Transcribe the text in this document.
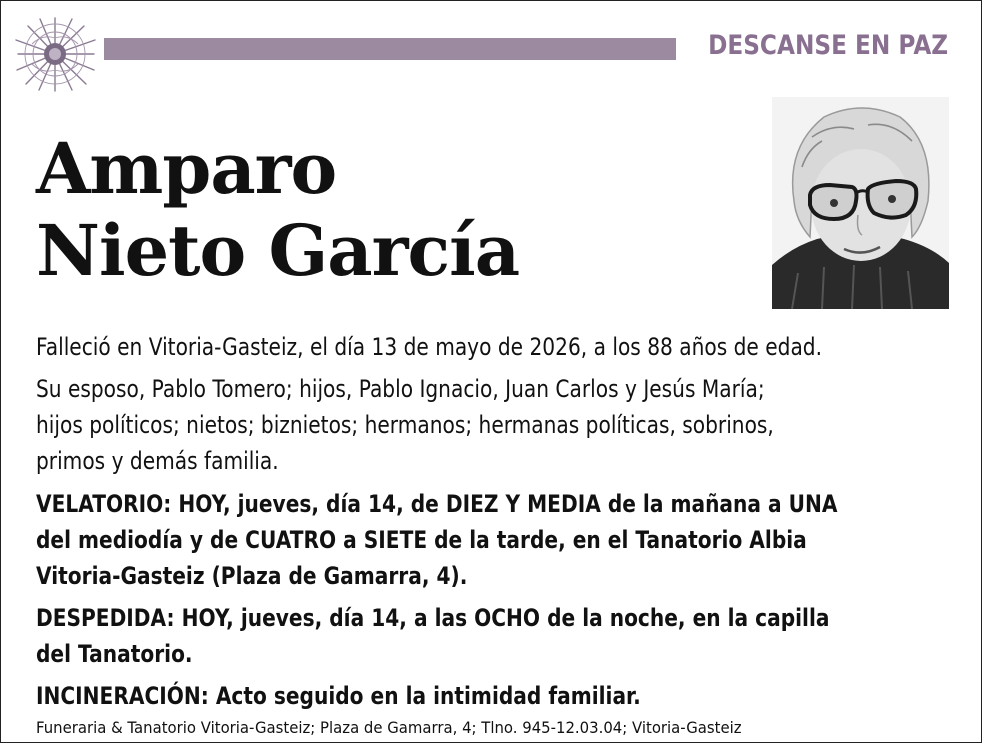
DESCANSE EN PAZ
Amparo
Nieto García
Falleció en Vitoria-Gasteiz, el día 13 de mayo de 2026, a los 88 años de edad.
Su esposo, Pablo Tomero; hijos, Pablo Ignacio, Juan Carlos y Jesús María;
hijos políticos; nietos; biznietos; hermanos; hermanas políticas, sobrinos,
primos y demás familia.
VELATORIO: HOY, jueves, día 14, de DIEZ Y MEDIA de la mañana a UNA
del mediodía y de CUATRO a SIETE de la tarde, en el Tanatorio Albia
Vitoria-Gasteiz (Plaza de Gamarra, 4).
DESPEDIDA: HOY, jueves, día 14, a las OCHO de la noche, en la capilla
del Tanatorio.
INCINERACIÓN: Acto seguido en la intimidad familiar.
Funeraria & Tanatorio Vitoria-Gasteiz; Plaza de Gamarra, 4; Tlno. 945-12.03.04; Vitoria-Gasteiz
